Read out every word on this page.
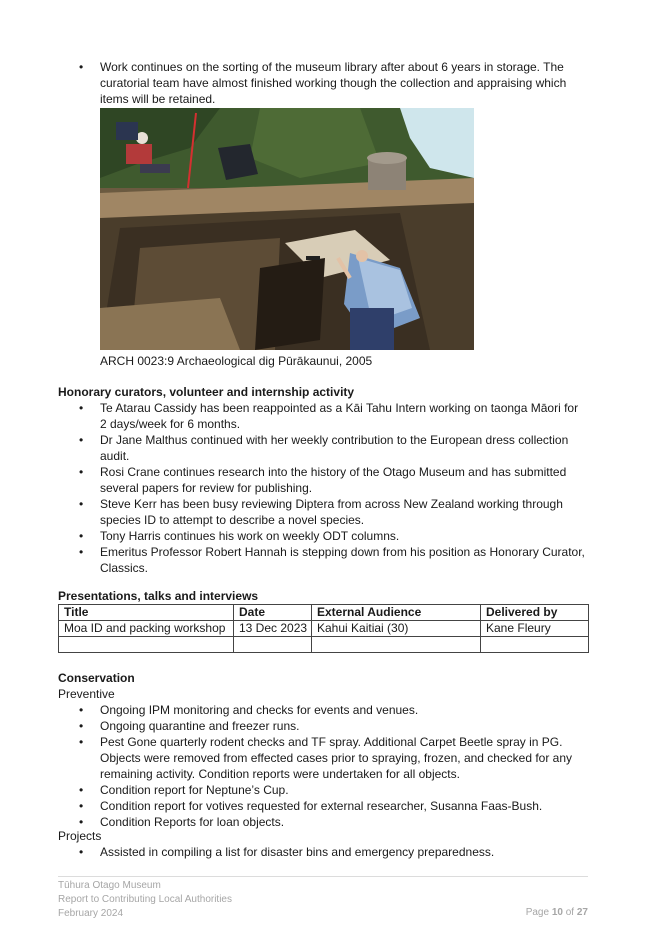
• Work continues on the sorting of the museum library after about 6 years in storage. The curatorial team have almost finished working though the collection and appraising which items will be retained.
ARCH 0023:9 Archaeological dig Pūrākaunui, 2005
Honorary curators, volunteer and internship activity
• Te Atarau Cassidy has been reappointed as a Kāi Tahu Intern working on taonga Māori for 2 days/week for 6 months.
• Dr Jane Malthus continued with her weekly contribution to the European dress collection audit.
• Rosi Crane continues research into the history of the Otago Museum and has submitted several papers for review for publishing.
• Steve Kerr has been busy reviewing Diptera from across New Zealand working through species ID to attempt to describe a novel species.
• Tony Harris continues his work on weekly ODT columns.
• Emeritus Professor Robert Hannah is stepping down from his position as Honorary Curator, Classics.
Presentations, talks and interviews
Title	Date	External Audience	Delivered by
Moa ID and packing workshop	13 Dec 2023	Kahui Kaitiai (30)	Kane Fleury

Conservation
Preventive
• Ongoing IPM monitoring and checks for events and venues.
• Ongoing quarantine and freezer runs.
• Pest Gone quarterly rodent checks and TF spray. Additional Carpet Beetle spray in PG. Objects were removed from effected cases prior to spraying, frozen, and checked for any remaining activity. Condition reports were undertaken for all objects.
• Condition report for Neptune’s Cup.
• Condition report for votives requested for external researcher, Susanna Faas-Bush.
• Condition Reports for loan objects.
Projects
• Assisted in compiling a list for disaster bins and emergency preparedness.
Tūhura Otago Museum
Report to Contributing Local Authorities
February 2024	Page 10 of 27
